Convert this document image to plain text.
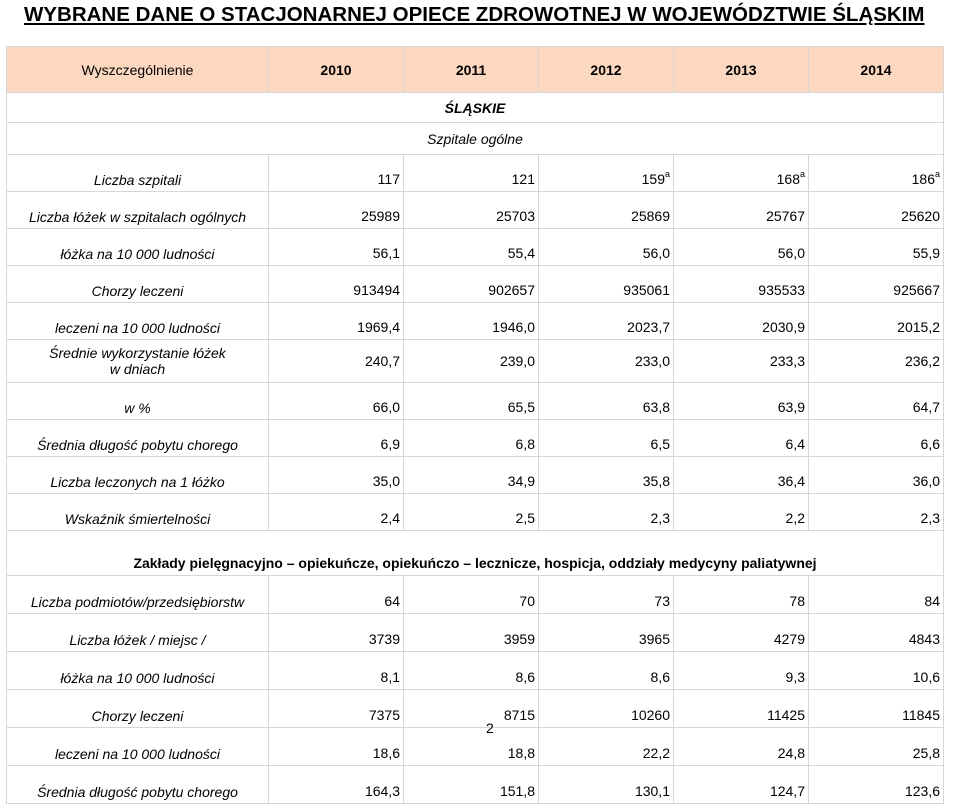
WYBRANE DANE O STACJONARNEJ OPIECE ZDROWOTNEJ W WOJEWÓDZTWIE ŚLĄSKIM
Wyszczególnienie	2010	2011	2012	2013	2014
ŚLĄSKIE					
Szpitale ogólne					
Liczba szpitali	117	121	159$^a$	168$^a$	186$^a$
Liczba łóżek w szpitalach ogólnych	25989	25703	25869	25767	25620
łóżka na 10 000 ludności	56,1	55,4	56,0	56,0	55,9
Chorzy leczeni	913494	902657	935061	935533	925667
leczeni na 10 000 ludności	1969,4	1946,0	2023,7	2030,9	2015,2

Średnie wykorzystanie łóżek
w dniach	240,7	239,0	233,0	233,3	236,2
w %	66,0	65,5	63,8	63,9	64,7
Średnia długość pobytu chorego	6,9	6,8	6,5	6,4	6,6
Liczba leczonych na 1 łóżko	35,0	34,9	35,8	36,4	36,0
Wskaźnik śmiertelności	2,4	2,5	2,3	2,2	2,3
Zakłady pielęgnacyjno – opiekuńcze, opiekuńczo – lecznicze, hospicja, oddziały medycyny paliatywnej					
Liczba podmiotów/przedsiębiorstw	64	70	73	78	84
Liczba łóżek / miejsc /	3739	3959	3965	4279	4843
łóżka na 10 000 ludności	8,1	8,6	8,6	9,3	10,6
Chorzy leczeni	7375	8715	10260	11425	11845
leczeni na 10 000 ludności	18,6	18,8	22,2	24,8	25,8
Średnia długość pobytu chorego	164,3	151,8	130,1	124,7	123,6
2
